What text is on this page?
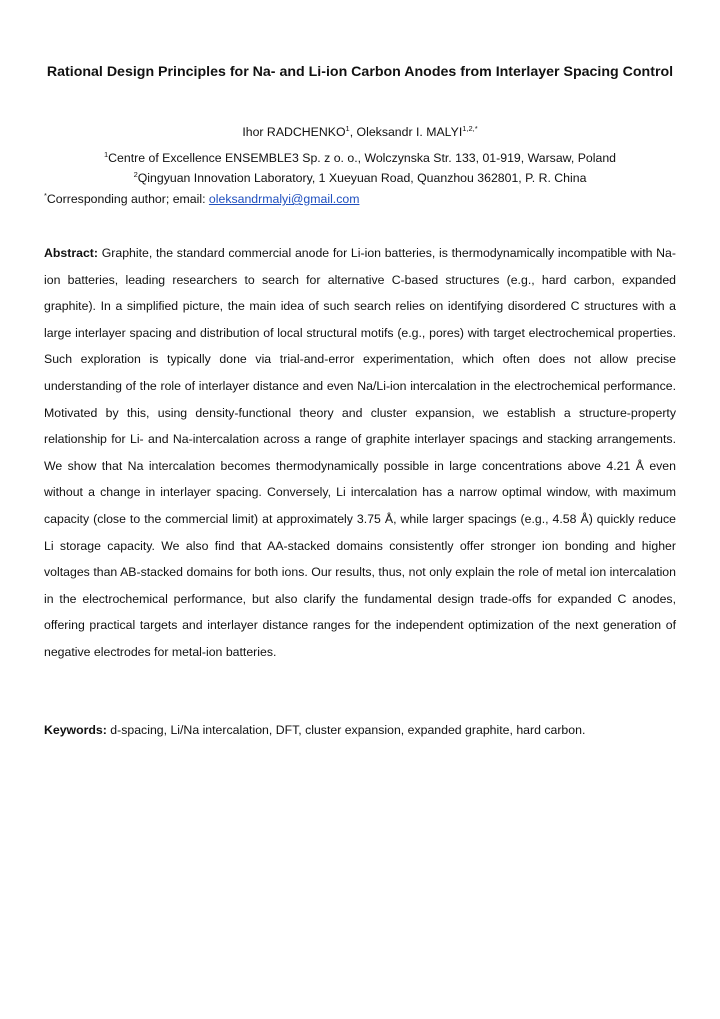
Rational Design Principles for Na- and Li-ion Carbon Anodes from Interlayer Spacing Control
Ihor RADCHENKO$^1$, Oleksandr I. $MALYI^{1,2,*}$
$^1$Centre of Excellence ENSEMBLE3 Sp. z o. o., Wolczynska Str. 133, 01-919, Warsaw, Poland
$^2$Qingyuan Innovation Laboratory, 1 Xueyuan Road, Quanzhou 362801, P. R. China
*Corresponding author; email: oleksandrmalyi@gmail.com

Abstract: Graphite, the standard commercial anode for Li-ion batteries, is thermodynamically incompatible with Na-ion batteries, leading researchers to search for alternative C-based structures (e.g., hard carbon, expanded graphite). In a simplified picture, the main idea of such search relies on identifying disordered C structures with a large interlayer spacing and distribution of local structural motifs (e.g., pores) with target electrochemical properties. Such exploration is typically done via trial-and-error experimentation, which often does not allow precise understanding of the role of interlayer distance and even Na/Li-ion intercalation in the electrochemical performance. Motivated by this, using density-functional theory and cluster expansion, we establish a structure-property relationship for Li- and Na-intercalation across a range of graphite interlayer spacings and stacking arrangements. We show that Na intercalation becomes thermodynamically possible in large concentrations above 4.21 Å even without a change in interlayer spacing. Conversely, Li intercalation has a narrow optimal window, with maximum capacity (close to the commercial limit) at approximately 3.75 Å, while larger spacings (e.g., 4.58 Å) quickly reduce Li storage capacity. We also find that AA-stacked domains consistently offer stronger ion bonding and higher voltages than AB-stacked domains for both ions. Our results, thus, not only explain the role of metal ion intercalation in the electrochemical performance, but also clarify the fundamental design trade-offs for expanded C anodes, offering practical targets and interlayer distance ranges for the independent optimization of the next generation of negative electrodes for metal-ion batteries.

Keywords: d-spacing, Li/Na intercalation, DFT, cluster expansion, expanded graphite, hard carbon.
